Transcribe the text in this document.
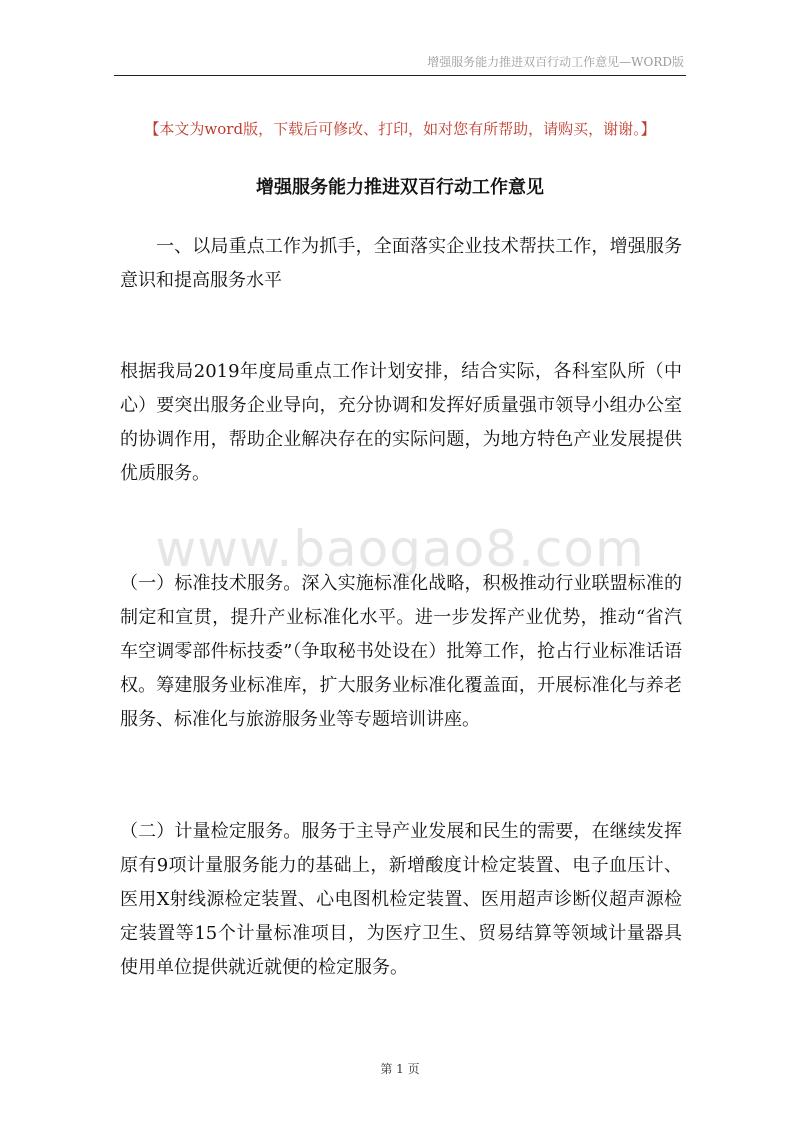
增强服务能力推进双百行动工作意见—WORD版
【本文为word版，下载后可修改、打印，如对您有所帮助，请购买，谢谢。】
增强服务能力推进双百行动工作意见

一、以局重点工作为抓手，全面落实企业技术帮扶工作，增强服务意识和提高服务水平

根据我局2019年度局重点工作计划安排，结合实际，各科室队所（中心）要突出服务企业导向，充分协调和发挥好质量强市领导小组办公室的协调作用，帮助企业解决存在的实际问题，为地方特色产业发展提供优质服务。

www.baogao8.com

（一）标准技术服务。深入实施标准化战略，积极推动行业联盟标准的制定和宣贯，提升产业标准化水平。进一步发挥产业优势，推动“省汽车空调零部件标技委”（争取秘书处设在）批筹工作，抢占行业标准话语权。筹建服务业标准库，扩大服务业标准化覆盖面，开展标准化与养老服务、标准化与旅游服务业等专题培训讲座。

（二）计量检定服务。服务于主导产业发展和民生的需要，在继续发挥原有9项计量服务能力的基础上，新增酸度计检定装置、电子血压计、医用X射线源检定装置、心电图机检定装置、医用超声诊断仪超声源检定装置等15个计量标准项目，为医疗卫生、贸易结算等领域计量器具使用单位提供就近就便的检定服务。

第 1 页
